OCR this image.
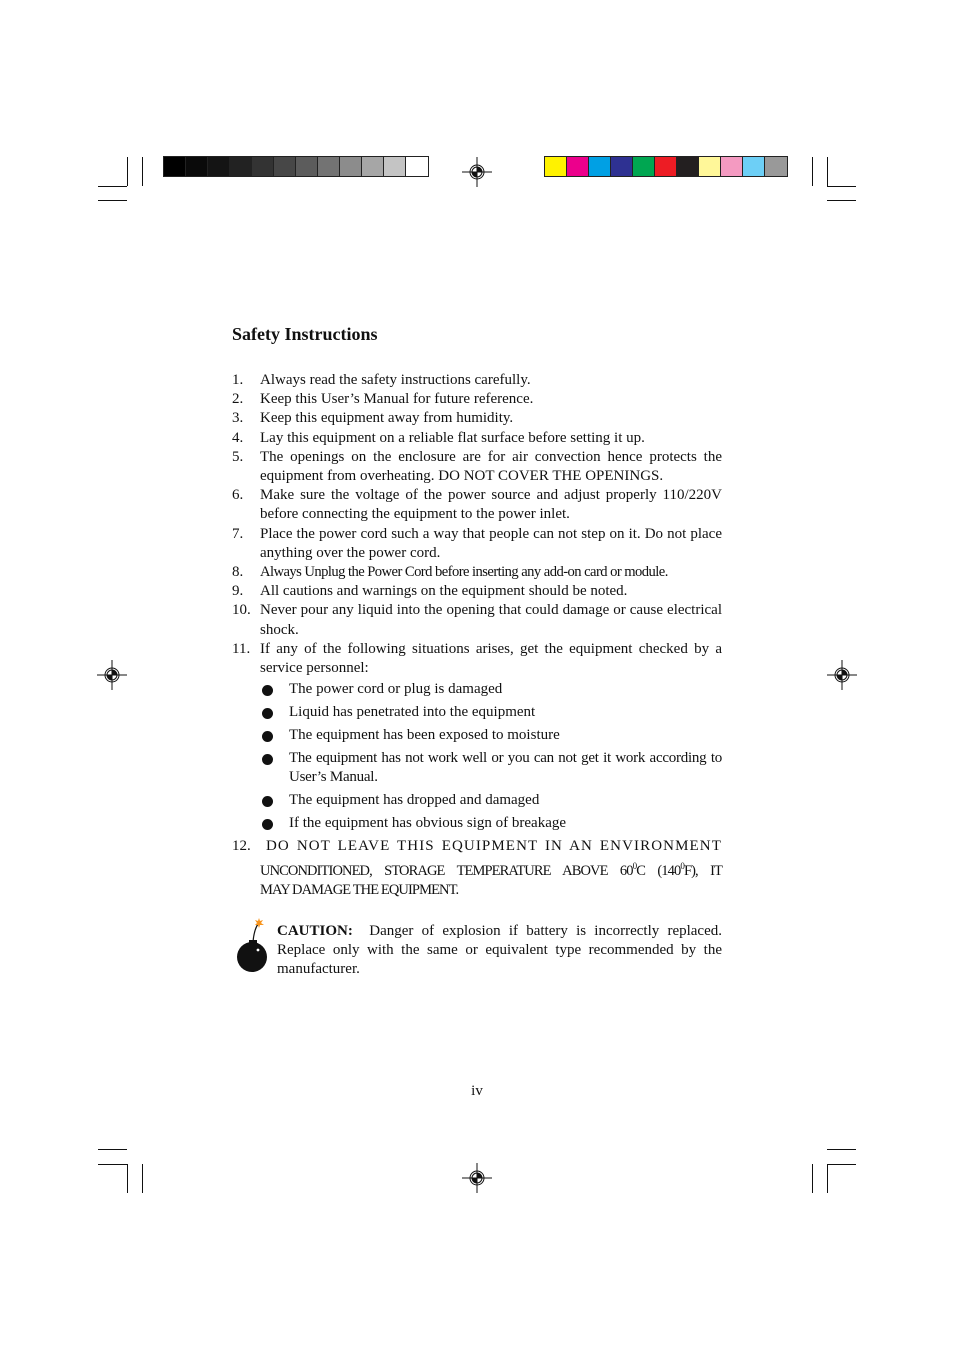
Safety Instructions
1.	Always read the safety instructions carefully.
2.	Keep this User’s Manual for future reference.
3.	Keep this equipment away from humidity.
4.	Lay this equipment on a reliable flat surface before setting it up.
5.	The openings on the enclosure are for air convection hence protects the equipment from overheating. DO NOT COVER THE OPENINGS.
6.	Make sure the voltage of the power source and adjust properly 110/220V before connecting the equipment to the power inlet.
7.	Place the power cord such a way that people can not step on it. Do not place anything over the power cord.
8.	Always Unplug the Power Cord before inserting any add-on card or module.
9.	All cautions and warnings on the equipment should be noted.
10. Never pour any liquid into the opening that could damage or cause electrical shock.
11. If any of the following situations arises, get the equipment checked by a service personnel:
The power cord or plug is damaged
Liquid has penetrated into the equipment
The equipment has been exposed to moisture
The equipment has not work well or you can not get it work according to User’s Manual.
The equipment has dropped and damaged
If the equipment has obvious sign of breakage
12.	DO NOT LEAVE THIS EQUIPMENT IN AN ENVIRONMENT
UNCONDITIONED, STORAGE TEMPERATURE ABOVE $60^0C$ $(140^0F)$, IT
MAY DAMAGE THE EQUIPMENT.
CAUTION: Danger of explosion if battery is incorrectly replaced. Replace only with the same or equivalent type recommended by the manufacturer.
iv
